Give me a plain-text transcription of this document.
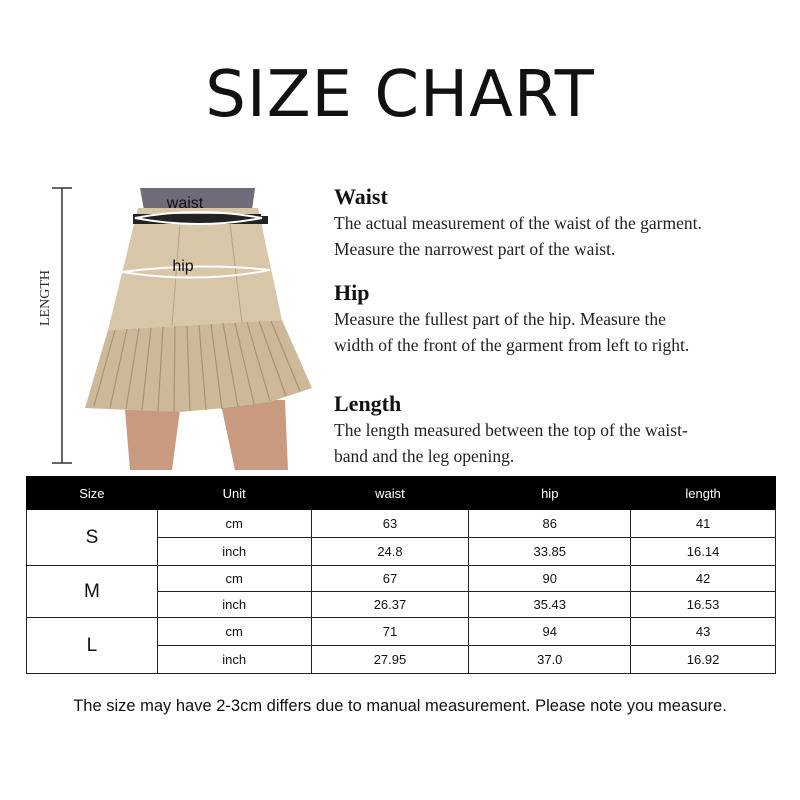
SIZE CHART
LENGTH
waist
hip
Waist
The actual measurement of the waist of the garment.
Measure the narrowest part of the waist.
Hip
Measure the fullest part of the hip. Measure the
width of the front of the garment from left to right.
Length
The length measured between the top of the waist-
band and the leg opening.
Size	Unit	waist	hip	length
S	cm	63	86	41
	inch	24.8	33.85	16.14
M	cm	67	90	42
	inch	26.37	35.43	16.53
L	cm	71	94	43
	inch	27.95	37.0	16.92
The size may have 2-3cm differs due to manual measurement. Please note you measure.
